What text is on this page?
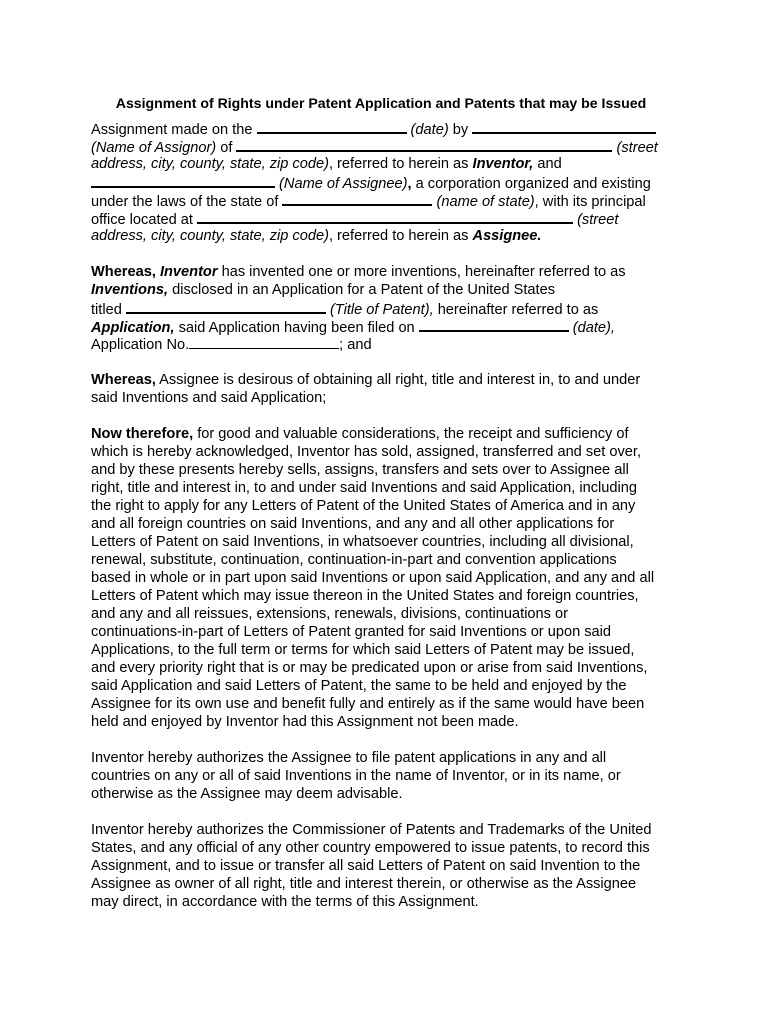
Assignment of Rights under Patent Application and Patents that may be Issued
Assignment made on the	(date) by
(Name of Assignor) of	(street
address, city, county, state, zip code), referred to herein as Inventor, and
(Name of Assignee), a corporation organized and existing
under the laws of the state of	(name of state), with its principal
office located at	(street
address, city, county, state, zip code), referred to herein as Assignee.
Whereas, Inventor has invented one or more inventions, hereinafter referred to as
Inventions, disclosed in an Application for a Patent of the United States
titled	(Title of Patent), hereinafter referred to as
Application, said Application having been filed on	(date),
Application No.	; and
Whereas, Assignee is desirous of obtaining all right, title and interest in, to and under
said Inventions and said Application;
Now therefore, for good and valuable considerations, the receipt and sufficiency of
which is hereby acknowledged, Inventor has sold, assigned, transferred and set over,
and by these presents hereby sells, assigns, transfers and sets over to Assignee all
right, title and interest in, to and under said Inventions and said Application, including
the right to apply for any Letters of Patent of the United States of America and in any
and all foreign countries on said Inventions, and any and all other applications for
Letters of Patent on said Inventions, in whatsoever countries, including all divisional,
renewal, substitute, continuation, continuation-in-part and convention applications
based in whole or in part upon said Inventions or upon said Application, and any and all
Letters of Patent which may issue thereon in the United States and foreign countries,
and any and all reissues, extensions, renewals, divisions, continuations or
continuations-in-part of Letters of Patent granted for said Inventions or upon said
Applications, to the full term or terms for which said Letters of Patent may be issued,
and every priority right that is or may be predicated upon or arise from said Inventions,
said Application and said Letters of Patent, the same to be held and enjoyed by the
Assignee for its own use and benefit fully and entirely as if the same would have been
held and enjoyed by Inventor had this Assignment not been made.
Inventor hereby authorizes the Assignee to file patent applications in any and all
countries on any or all of said Inventions in the name of Inventor, or in its name, or
otherwise as the Assignee may deem advisable.
Inventor hereby authorizes the Commissioner of Patents and Trademarks of the United
States, and any official of any other country empowered to issue patents, to record this
Assignment, and to issue or transfer all said Letters of Patent on said Invention to the
Assignee as owner of all right, title and interest therein, or otherwise as the Assignee
may direct, in accordance with the terms of this Assignment.
